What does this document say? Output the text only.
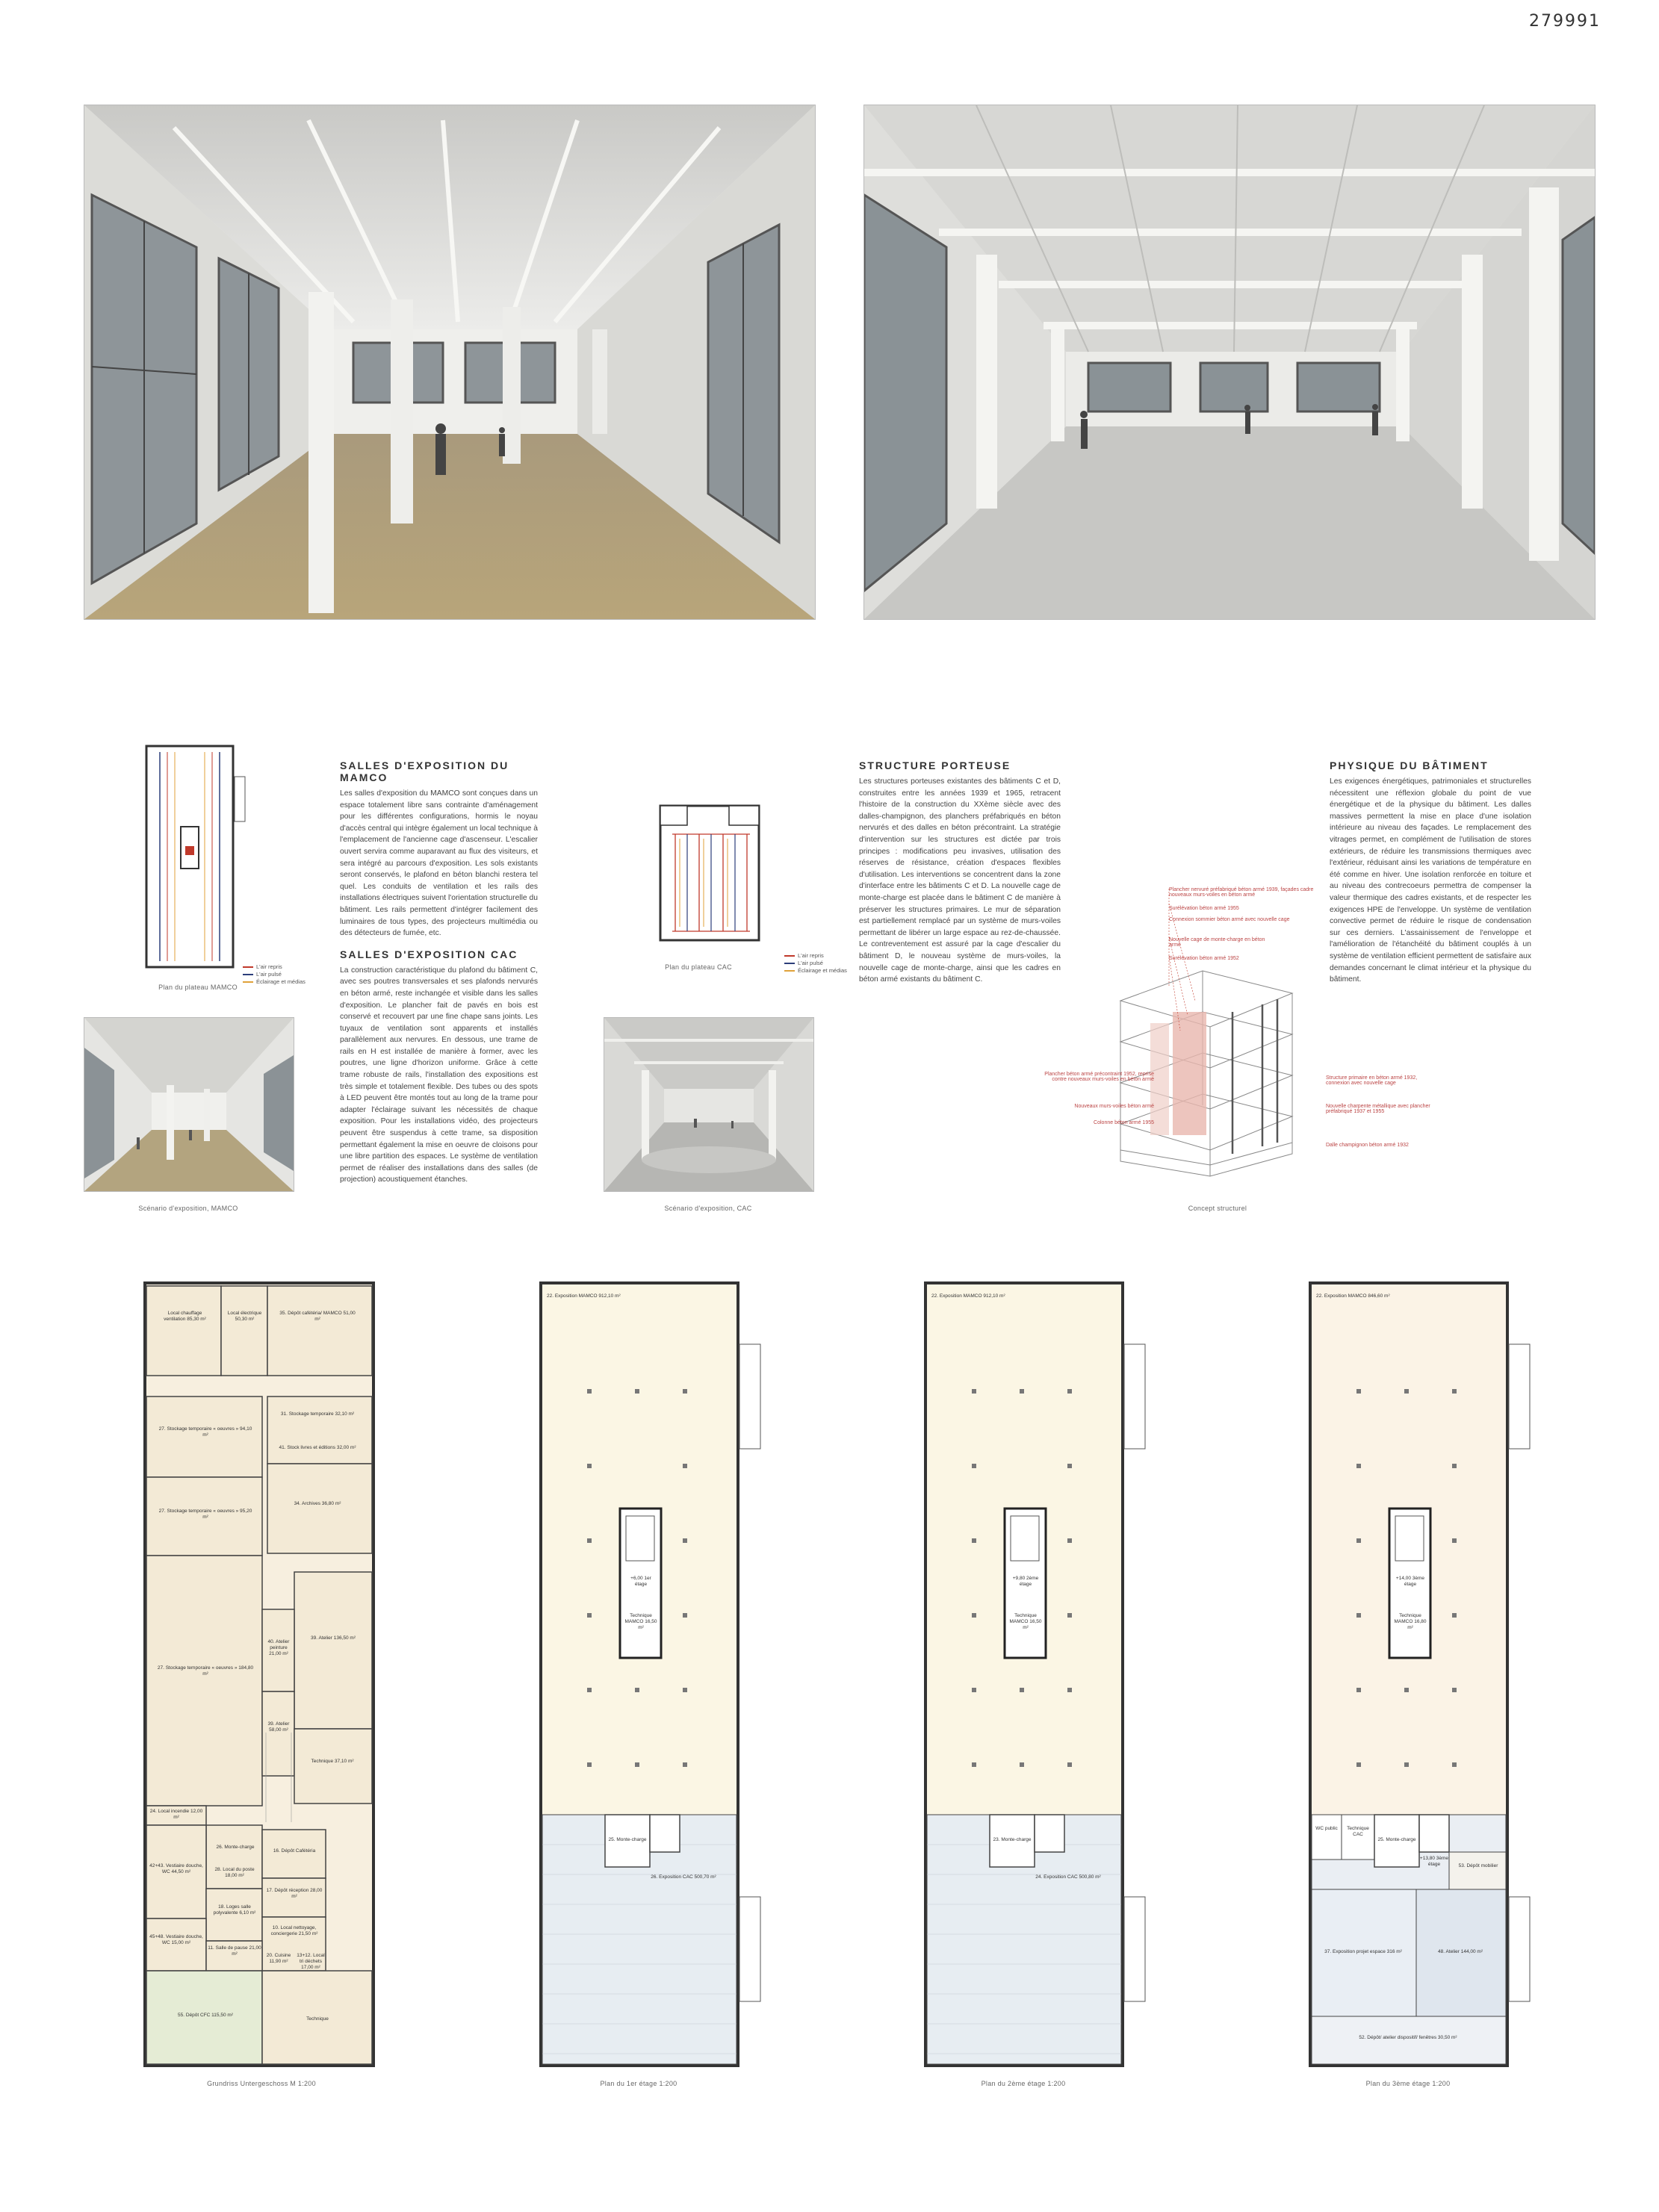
279991
Plan du plateau MAMCO
L'air repris
L'air pulsé
Éclairage et médias
SALLES D'EXPOSITION DU MAMCO

Les salles d'exposition du MAMCO sont conçues dans un espace totalement libre sans contrainte d'aménagement pour les différentes configurations, hormis le noyau d'accès central qui intègre également un local technique à l'emplacement de l'ancienne cage d'ascenseur. L'escalier ouvert servira comme auparavant au flux des visiteurs, et sera intégré au parcours d'exposition. Les sols existants seront conservés, le plafond en béton blanchi restera tel quel. Les conduits de ventilation et les rails des installations électriques suivent l'orientation structurelle du bâtiment. Les rails permettent d'intégrer facilement des luminaires de tous types, des projecteurs multimédia ou des détecteurs de fumée, etc.

SALLES D'EXPOSITION CAC

La construction caractéristique du plafond du bâtiment C, avec ses poutres transversales et ses plafonds nervurés en béton armé, reste inchangée et visible dans les salles d'exposition. Le plancher fait de pavés en bois est conservé et recouvert par une fine chape sans joints. Les tuyaux de ventilation sont apparents et installés parallèlement aux nervures. En dessous, une trame de rails en H est installée de manière à former, avec les poutres, une ligne d'horizon uniforme. Grâce à cette trame robuste de rails, l'installation des expositions est très simple et totalement flexible. Des tubes ou des spots à LED peuvent être montés tout au long de la trame pour adapter l'éclairage suivant les nécessités de chaque exposition. Pour les installations vidéo, des projecteurs peuvent être suspendus à cette trame, sa disposition permettant également la mise en oeuvre de cloisons pour une libre partition des espaces. Le système de ventilation permet de réaliser des installations dans des salles (de projection) acoustiquement étanches.

Plan du plateau CAC
L'air repris
L'air pulsé
Éclairage et médias
STRUCTURE PORTEUSE

Les structures porteuses existantes des bâtiments C et D, construites entre les années 1939 et 1965, retracent l'histoire de la construction du XXème siècle avec des dalles-champignon, des planchers préfabriqués en béton nervurés et des dalles en béton précontraint. La stratégie d'intervention sur les structures est dictée par trois principes : modifications peu invasives, utilisation des réserves de résistance, création d'espaces flexibles d'utilisation. Les interventions se concentrent dans la zone d'interface entre les bâtiments C et D. La nouvelle cage de monte-charge est placée dans le bâtiment C de manière à préserver les structures primaires. Le mur de séparation est partiellement remplacé par un système de murs-voiles permettant de libérer un large espace au rez-de-chaussée. Le contreventement est assuré par la cage d'escalier du bâtiment D, le nouveau système de murs-voiles, la nouvelle cage de monte-charge, ainsi que les cadres en béton armé existants du bâtiment C.

PHYSIQUE DU BÂTIMENT

Les exigences énergétiques, patrimoniales et structurelles nécessitent une réflexion globale du point de vue énergétique et de la physique du bâtiment. Les dalles massives permettent la mise en place d'une isolation intérieure au niveau des façades. Le remplacement des vitrages permet, en complément de l'utilisation de stores extérieurs, de réduire les transmissions thermiques avec l'extérieur, réduisant ainsi les variations de température en été comme en hiver. Une isolation renforcée en toiture et au niveau des contrecoeurs permettra de compenser la valeur thermique des cadres existants, et de respecter les exigences HPE de l'enveloppe. Un système de ventilation convective permet de réduire le risque de condensation sur ces derniers. L'assainissement de l'enveloppe et l'amélioration de l'étanchéité du bâtiment couplés à un système de ventilation efficient permettent de satisfaire aux demandes concernant le climat intérieur et la physique du bâtiment.

Scénario d'exposition, MAMCO	Scénario d'exposition, CAC
Plancher nervuré préfabriqué béton armé 1939, façades cadre nouveaux murs-voiles en béton armé
Surélévation béton armé 1955
Connexion sommier béton armé avec nouvelle cage
Nouvelle cage de monte-charge en béton armé
Surélévation béton armé 1952
Plancher béton armé précontraint 1952, reprise contre nouveaux murs-voiles en béton armé
Nouveaux murs-voiles béton armé
Colonne béton armé 1955
Structure primaire en béton armé 1932, connexion avec nouvelle cage
Nouvelle charpente métallique avec plancher préfabriqué 1937 et 1955
Dalle champignon béton armé 1932
Concept structurel
Local chauffage ventilation 85,30 m²
Local électrique 50,30 m²
35. Dépôt cafétéria/ MAMCO 51,00 m²
27. Stockage temporaire « oeuvres » 94,10 m²
31. Stockage temporaire 32,10 m²
41. Stock livres et éditions 32,00 m²
27. Stockage temporaire « oeuvres » 95,20 m²
34. Archives 36,80 m²
27. Stockage temporaire « oeuvres » 184,80 m²
40. Atelier peinture 21,00 m²
39. Atelier 136,50 m²
39. Atelier 58,00 m²
Technique 37,10 m²
24. Local incendie 12,00 m²
26. Monte-charge
28. Local du poste 18,00 m²
16. Dépôt Cafétéria
42+43. Vestiaire douche, WC 44,50 m²
18. Loges salle polyvalente 6,10 m²
17. Dépôt réception 28,00 m²
10. Local nettoyage, conciergerie 21,50 m²
45+48. Vestiaire douche, WC 15,00 m²
11. Salle de pause 21,00 m²	20. Cuisine 11,90 m²
13+12. Local tri déchets 17,00 m²
55. Dépôt CFC 115,50 m²
Technique
Grundriss Untergeschoss M 1:200
22. Exposition MAMCO 912,10 m²
+6,00 1er étage
Technique MAMCO 16,50 m²
25. Monte-charge
26. Exposition CAC 500,70 m²
Plan du 1er étage 1:200
22. Exposition MAMCO 912,10 m²
+9,80 2ème étage
Technique MAMCO 16,50 m²
23. Monte-charge
24. Exposition CAC 500,80 m²
Plan du 2ème étage 1:200
22. Exposition MAMCO 846,60 m²
+14,00 3ème étage
Technique MAMCO 16,80 m²
WC public	Technique CAC
25. Monte-charge
+13,80 3ème étage	53. Dépôt mobilier
37. Exposition projet espace 316 m²	48. Atelier 144,00 m²
52. Dépôt/ atelier dispositif/ fenêtres 30,50 m²
Plan du 3ème étage 1:200
